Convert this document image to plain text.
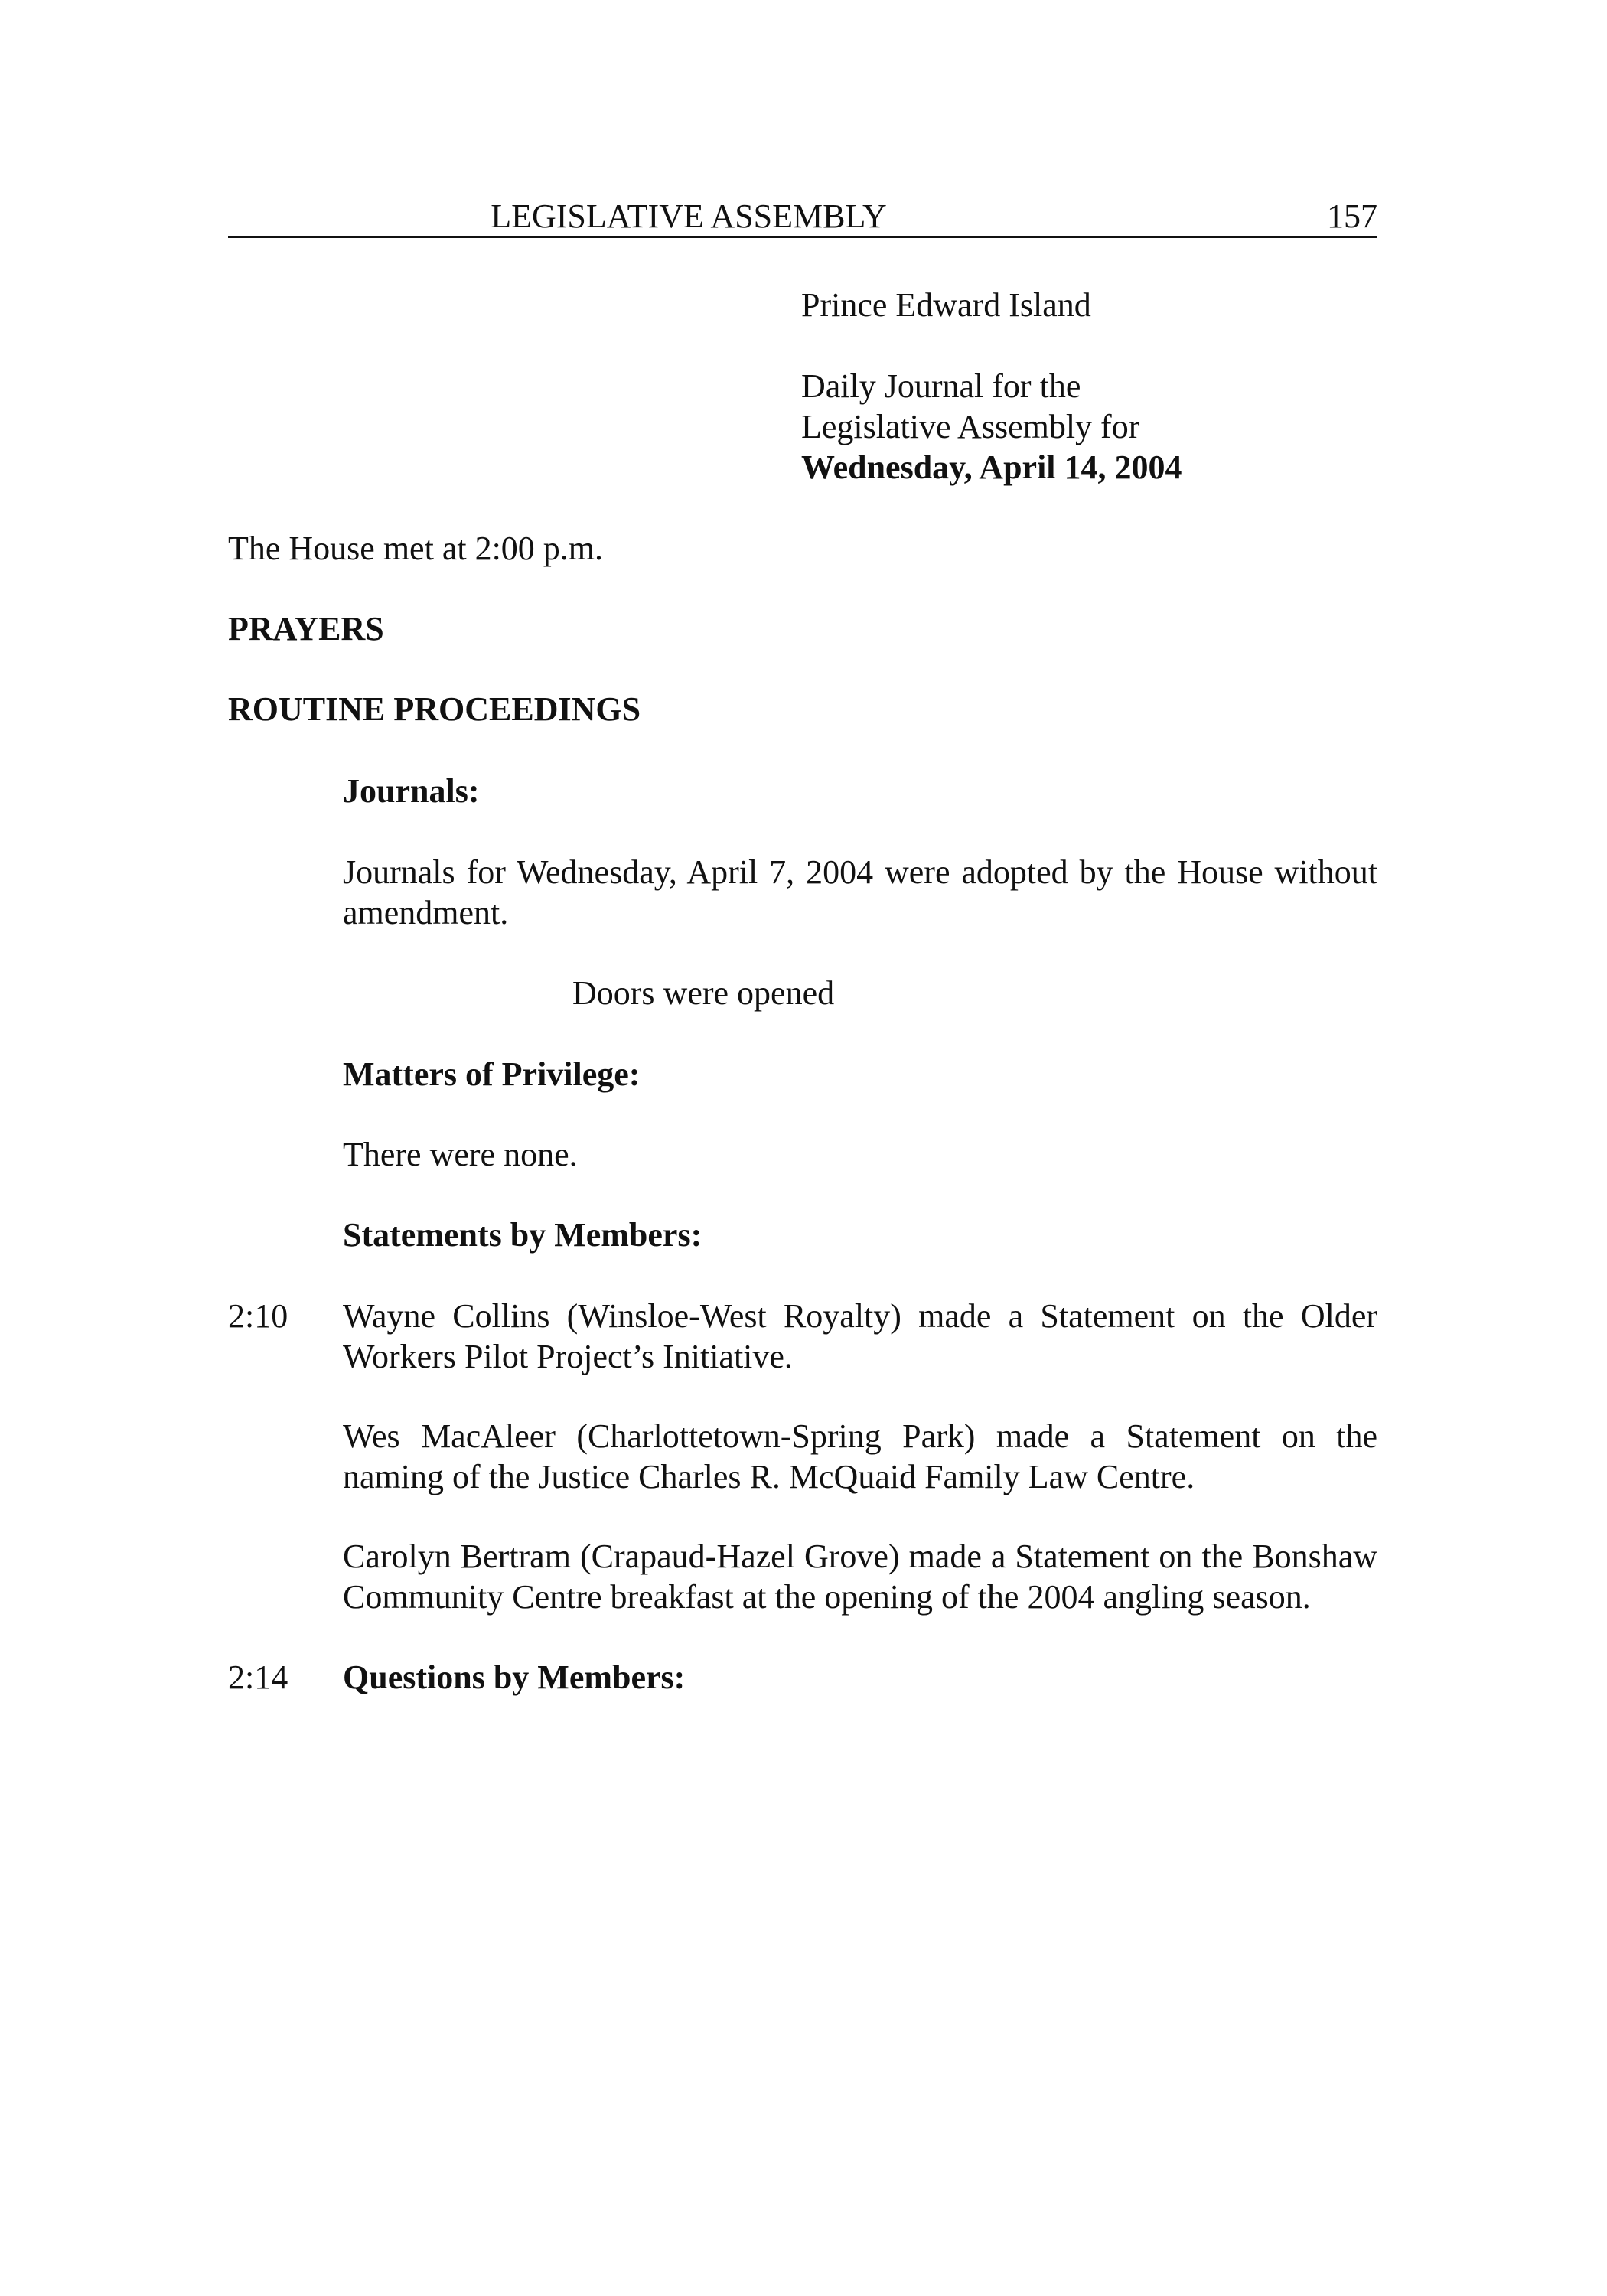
LEGISLATIVE ASSEMBLY	157
Prince Edward Island
Daily Journal for the
Legislative Assembly for
Wednesday, April 14, 2004
The House met at 2:00 p.m.
PRAYERS
ROUTINE PROCEEDINGS
Journals:
Journals for Wednesday, April 7, 2004 were adopted by the House without amendment.
Doors were opened
Matters of Privilege:
There were none.
Statements by Members:
2:10 Wayne Collins (Winsloe-West Royalty) made a Statement on the Older Workers Pilot Project’s Initiative.
Wes MacAleer (Charlottetown-Spring Park) made a Statement on the naming of the Justice Charles R. McQuaid Family Law Centre.
Carolyn Bertram (Crapaud-Hazel Grove) made a Statement on the Bonshaw Community Centre breakfast at the opening of the 2004 angling season.
2:14 Questions by Members:
